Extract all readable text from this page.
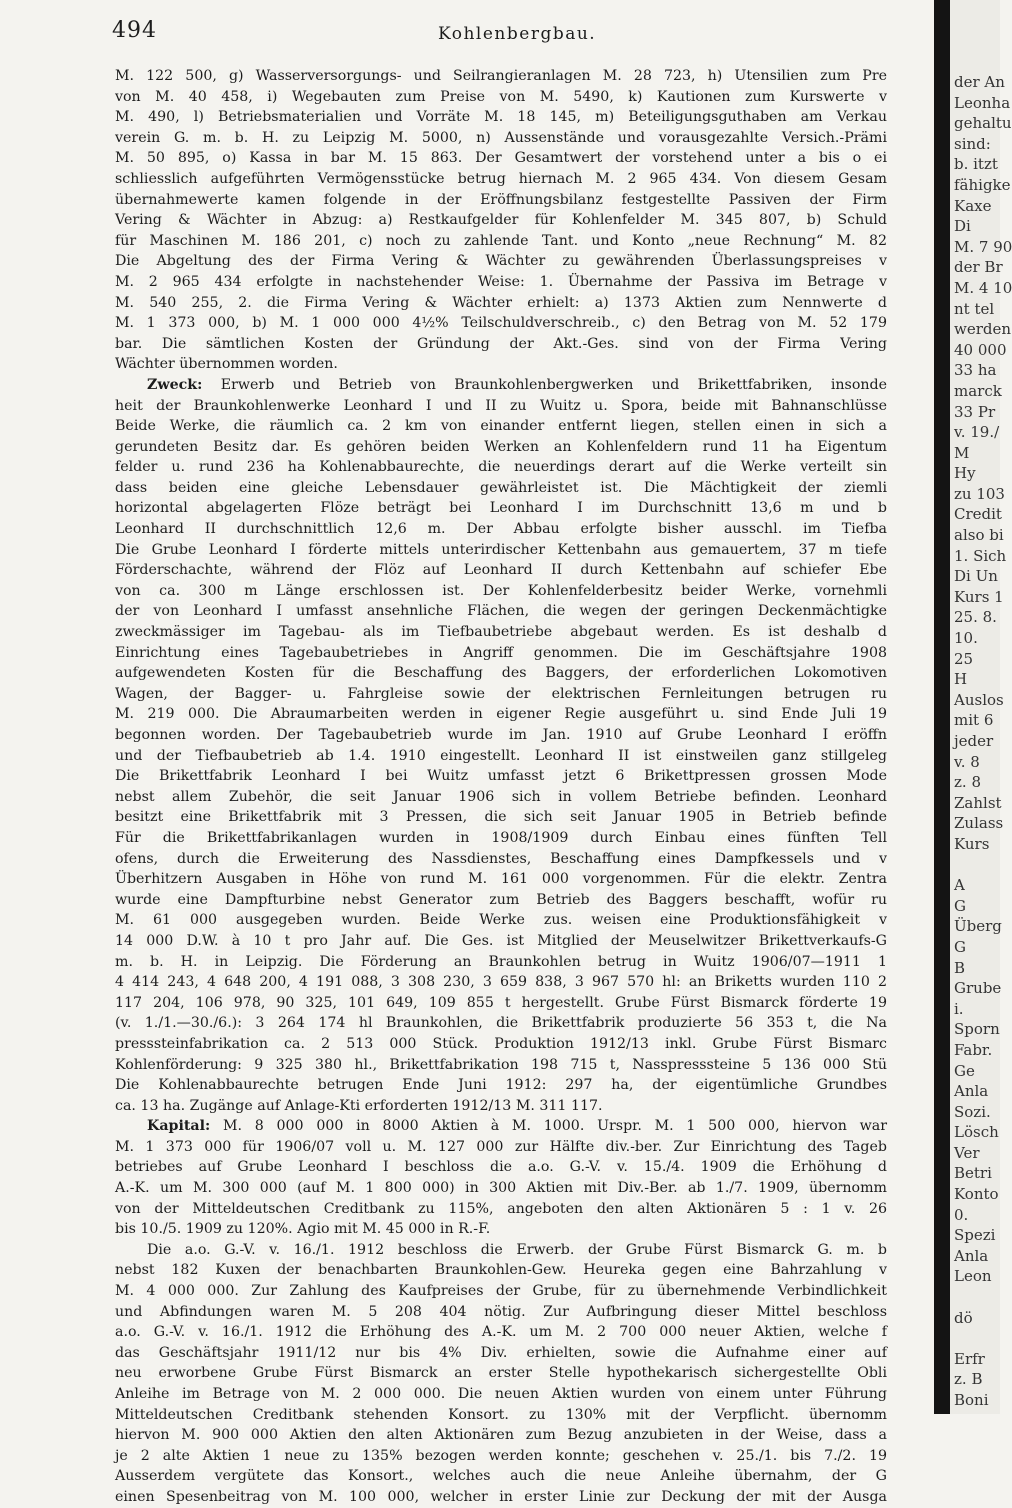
494	Kohlenbergbau.
M. 122 500, g) Wasserversorgungs- und Seilrangieranlagen M. 28 723, h) Utensilien zum Pre
von M. 40 458, i) Wegebauten zum Preise von M. 5490, k) Kautionen zum Kurswerte v
M. 490, l) Betriebsmaterialien und Vorräte M. 18 145, m) Beteiligungsguthaben am Verkau
verein G. m. b. H. zu Leipzig M. 5000, n) Aussenstände und vorausgezahlte Versich.-Prämi
M. 50 895, o) Kassa in bar M. 15 863. Der Gesamtwert der vorstehend unter a bis o ei
schliesslich aufgeführten Vermögensstücke betrug hiernach M. 2 965 434. Von diesem Gesam
übernahmewerte kamen folgende in der Eröffnungsbilanz festgestellte Passiven der Firm
Vering & Wächter in Abzug: a) Restkaufgelder für Kohlenfelder M. 345 807, b) Schuld
für Maschinen M. 186 201, c) noch zu zahlende Tant. und Konto „neue Rechnung“ M. 82
Die Abgeltung des der Firma Vering & Wächter zu gewährenden Überlassungspreises v
M. 2 965 434 erfolgte in nachstehender Weise: 1. Übernahme der Passiva im Betrage v
M. 540 255, 2. die Firma Vering & Wächter erhielt: a) 1373 Aktien zum Nennwerte d
M. 1 373 000, b) M. 1 000 000 4½% Teilschuldverschreib., c) den Betrag von M. 52 179
bar. Die sämtlichen Kosten der Gründung der Akt.-Ges. sind von der Firma Vering
Wächter übernommen worden.
Zweck: Erwerb und Betrieb von Braunkohlenbergwerken und Brikettfabriken, insonde
heit der Braunkohlenwerke Leonhard I und II zu Wuitz u. Spora, beide mit Bahnanschlüsse
Beide Werke, die räumlich ca. 2 km von einander entfernt liegen, stellen einen in sich a
gerundeten Besitz dar. Es gehören beiden Werken an Kohlenfeldern rund 11 ha Eigentum
felder u. rund 236 ha Kohlenabbaurechte, die neuerdings derart auf die Werke verteilt sin
dass beiden eine gleiche Lebensdauer gewährleistet ist. Die Mächtigkeit der ziemli
horizontal abgelagerten Flöze beträgt bei Leonhard I im Durchschnitt 13,6 m und b
Leonhard II durchschnittlich 12,6 m. Der Abbau erfolgte bisher ausschl. im Tiefba
Die Grube Leonhard I förderte mittels unterirdischer Kettenbahn aus gemauertem, 37 m tiefe
Förderschachte, während der Flöz auf Leonhard II durch Kettenbahn auf schiefer Ebe
von ca. 300 m Länge erschlossen ist. Der Kohlenfelderbesitz beider Werke, vornehmli
der von Leonhard I umfasst ansehnliche Flächen, die wegen der geringen Deckenmächtigke
zweckmässiger im Tagebau- als im Tiefbaubetriebe abgebaut werden. Es ist deshalb d
Einrichtung eines Tagebaubetriebes in Angriff genommen. Die im Geschäftsjahre 1908
aufgewendeten Kosten für die Beschaffung des Baggers, der erforderlichen Lokomotiven
Wagen, der Bagger- u. Fahrgleise sowie der elektrischen Fernleitungen betrugen ru
M. 219 000. Die Abraumarbeiten werden in eigener Regie ausgeführt u. sind Ende Juli 19
begonnen worden. Der Tagebaubetrieb wurde im Jan. 1910 auf Grube Leonhard I eröffn
und der Tiefbaubetrieb ab 1.4. 1910 eingestellt. Leonhard II ist einstweilen ganz stillgeleg
Die Brikettfabrik Leonhard I bei Wuitz umfasst jetzt 6 Brikettpressen grossen Mode
nebst allem Zubehör, die seit Januar 1906 sich in vollem Betriebe befinden. Leonhard
besitzt eine Brikettfabrik mit 3 Pressen, die sich seit Januar 1905 in Betrieb befinde
Für die Brikettfabrikanlagen wurden in 1908/1909 durch Einbau eines fünften Tell
ofens, durch die Erweiterung des Nassdienstes, Beschaffung eines Dampfkessels und v
Überhitzern Ausgaben in Höhe von rund M. 161 000 vorgenommen. Für die elektr. Zentra
wurde eine Dampfturbine nebst Generator zum Betrieb des Baggers beschafft, wofür ru
M. 61 000 ausgegeben wurden. Beide Werke zus. weisen eine Produktionsfähigkeit v
14 000 D.W. à 10 t pro Jahr auf. Die Ges. ist Mitglied der Meuselwitzer Brikettverkaufs-G
m. b. H. in Leipzig. Die Förderung an Braunkohlen betrug in Wuitz 1906/07—1911 1
4 414 243, 4 648 200, 4 191 088, 3 308 230, 3 659 838, 3 967 570 hl: an Briketts wurden 110 2
117 204, 106 978, 90 325, 101 649, 109 855 t hergestellt. Grube Fürst Bismarck förderte 19
(v. 1./1.—30./6.): 3 264 174 hl Braunkohlen, die Brikettfabrik produzierte 56 353 t, die Na
presssteinfabrikation ca. 2 513 000 Stück. Produktion 1912/13 inkl. Grube Fürst Bismarc
Kohlenförderung: 9 325 380 hl., Brikettfabrikation 198 715 t, Nasspresssteine 5 136 000 Stü
Die Kohlenabbaurechte betrugen Ende Juni 1912: 297 ha, der eigentümliche Grundbes
ca. 13 ha. Zugänge auf Anlage-Kti erforderten 1912/13 M. 311 117.
Kapital: M. 8 000 000 in 8000 Aktien à M. 1000. Urspr. M. 1 500 000, hiervon war
M. 1 373 000 für 1906/07 voll u. M. 127 000 zur Hälfte div.-ber. Zur Einrichtung des Tageb
betriebes auf Grube Leonhard I beschloss die a.o. G.-V. v. 15./4. 1909 die Erhöhung d
A.-K. um M. 300 000 (auf M. 1 800 000) in 300 Aktien mit Div.-Ber. ab 1./7. 1909, übernomm
von der Mitteldeutschen Creditbank zu 115%, angeboten den alten Aktionären 5 : 1 v. 26
bis 10./5. 1909 zu 120%. Agio mit M. 45 000 in R.-F.
Die a.o. G.-V. v. 16./1. 1912 beschloss die Erwerb. der Grube Fürst Bismarck G. m. b
nebst 182 Kuxen der benachbarten Braunkohlen-Gew. Heureka gegen eine Bahrzahlung v
M. 4 000 000. Zur Zahlung des Kaufpreises der Grube, für zu übernehmende Verbindlichkeit
und Abfindungen waren M. 5 208 404 nötig. Zur Aufbringung dieser Mittel beschloss
a.o. G.-V. v. 16./1. 1912 die Erhöhung des A.-K. um M. 2 700 000 neuer Aktien, welche f
das Geschäftsjahr 1911/12 nur bis 4% Div. erhielten, sowie die Aufnahme einer auf
neu erworbene Grube Fürst Bismarck an erster Stelle hypothekarisch sichergestellte Obli
Anleihe im Betrage von M. 2 000 000. Die neuen Aktien wurden von einem unter Führung
Mitteldeutschen Creditbank stehenden Konsort. zu 130% mit der Verpflicht. übernomm
hiervon M. 900 000 Aktien den alten Aktionären zum Bezug anzubieten in der Weise, dass a
je 2 alte Aktien 1 neue zu 135% bezogen werden konnte; geschehen v. 25./1. bis 7./2. 19
Ausserdem vergütete das Konsort., welches auch die neue Anleihe übernahm, der G
einen Spesenbeitrag von M. 100 000, welcher in erster Linie zur Deckung der mit der Ausga
der An
Leonha
gehaltu
sind:
b. itzt
fähigke
Kaxe
Di
M. 7 90
der Br
M. 4 10
nt tel
werden
40 000
33 ha
marck
33 Pr
v. 19./
M
Hy
zu 103
Credit
also bi
1. Sich
Di Un
Kurs 1
25. 8.
10.
25
H
Auslos
mit 6
jeder
v. 8
z. 8
Zahlst
Zulass
Kurs
A
G
Überg
G
B
Grube
i.
Sporn
Fabr.
Ge
Anla
Sozi.
Lösch
Ver
Betri
Konto
0.
Spezi
Anla
Leon
dö
Erfr
z. B
Boni
